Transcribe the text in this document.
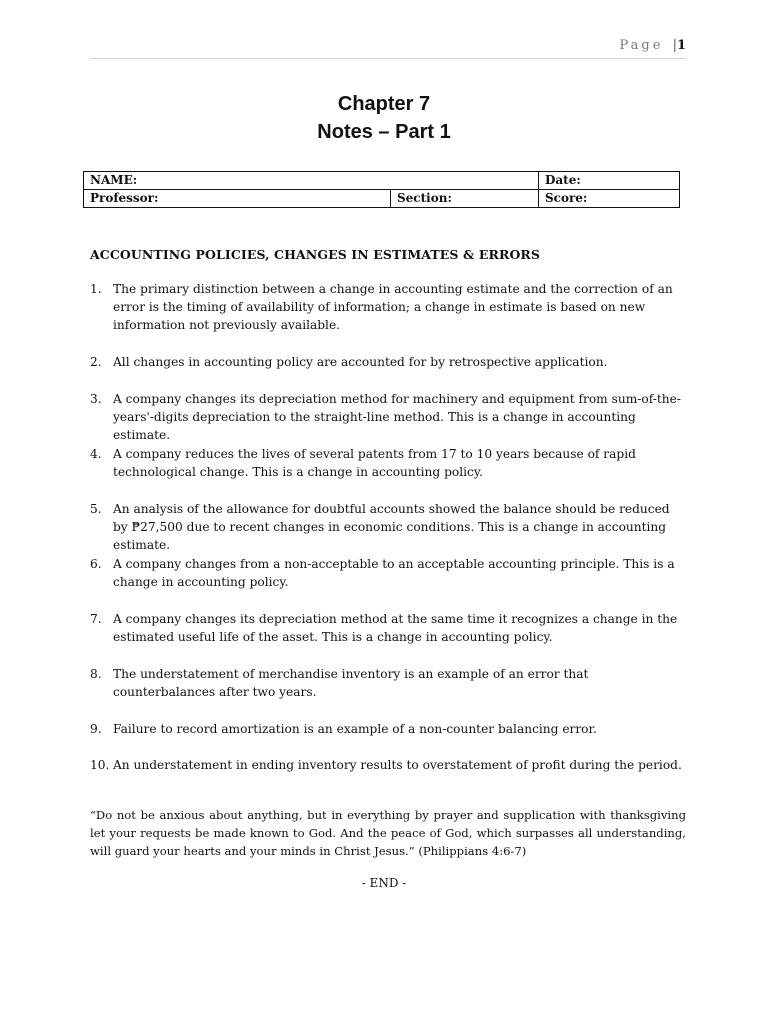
Page |1
Chapter 7
Notes – Part 1
NAME:		Date:
Professor:	Section:	Score:
ACCOUNTING POLICIES, CHANGES IN ESTIMATES & ERRORS
1. The primary distinction between a change in accounting estimate and the correction of an error is the timing of availability of information; a change in estimate is based on new information not previously available.
2. All changes in accounting policy are accounted for by retrospective application.
3. A company changes its depreciation method for machinery and equipment from sum-of-the-years'-digits depreciation to the straight-line method. This is a change in accounting estimate.
4. A company reduces the lives of several patents from 17 to 10 years because of rapid technological change. This is a change in accounting policy.
5. An analysis of the allowance for doubtful accounts showed the balance should be reduced by ₱27,500 due to recent changes in economic conditions. This is a change in accounting estimate.
6. A company changes from a non-acceptable to an acceptable accounting principle. This is a change in accounting policy.
7. A company changes its depreciation method at the same time it recognizes a change in the estimated useful life of the asset. This is a change in accounting policy.
8. The understatement of merchandise inventory is an example of an error that counterbalances after two years.
9. Failure to record amortization is an example of a non-counter balancing error.
10. An understatement in ending inventory results to overstatement of profit during the period.
“Do not be anxious about anything, but in everything by prayer and supplication with thanksgiving let your requests be made known to God. And the peace of God, which surpasses all understanding, will guard your hearts and your minds in Christ Jesus.” (Philippians 4:6-7)
- END -
